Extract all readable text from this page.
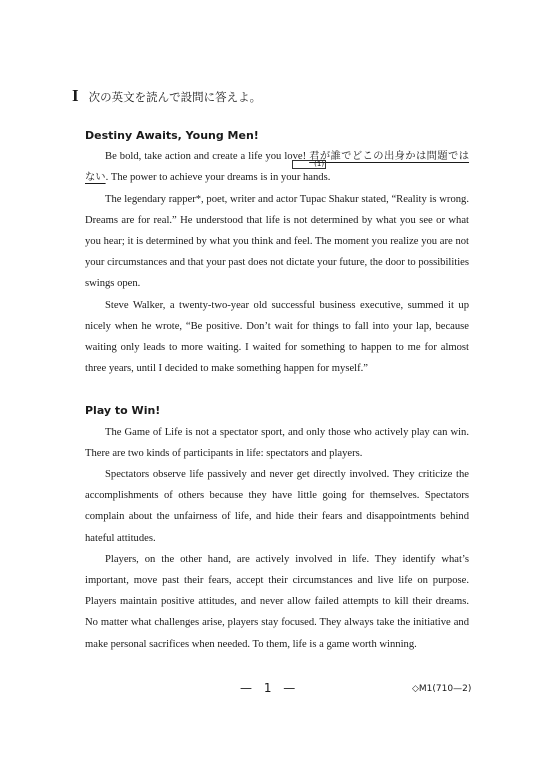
I 次の英文を読んで設問に答えよ。
Destiny Awaits, Young Men!

Be bold, take action and create a life you love!
(1)
君が誰でどこの出身かは問題ではない. The power to achieve your dreams is in your hands.

The legendary rapper*, poet, writer and actor Tupac Shakur stated, “Reality is wrong. Dreams are for real.” He understood that life is not determined by what you see or what you hear; it is determined by what you think and feel. The moment you realize you are not your circumstances and that your past does not dictate your future, the door to possibilities swings open.

Steve Walker, a twenty-two-year old successful business executive, summed it up nicely when he wrote, “Be positive. Don’t wait for things to fall into your lap, because waiting only leads to more waiting. I waited for something to happen to me for almost three years, until I decided to make something happen for myself.”

Play to Win!

The Game of Life is not a spectator sport, and only those who actively play can win. There are two kinds of participants in life: spectators and players.

Spectators observe life passively and never get directly involved. They criticize the accomplishments of others because they have little going for themselves. Spectators complain about the unfairness of life, and hide their fears and disappointments behind hateful attitudes.

Players, on the other hand, are actively involved in life. They identify what’s important, move past their fears, accept their circumstances and live life on purpose. Players maintain positive attitudes, and never allow failed attempts to kill their dreams. No matter what challenges arise, players stay focused. They always take the initiative and make personal sacrifices when needed. To them, life is a game worth winning.

— 1 —	◇M1(710—2)
